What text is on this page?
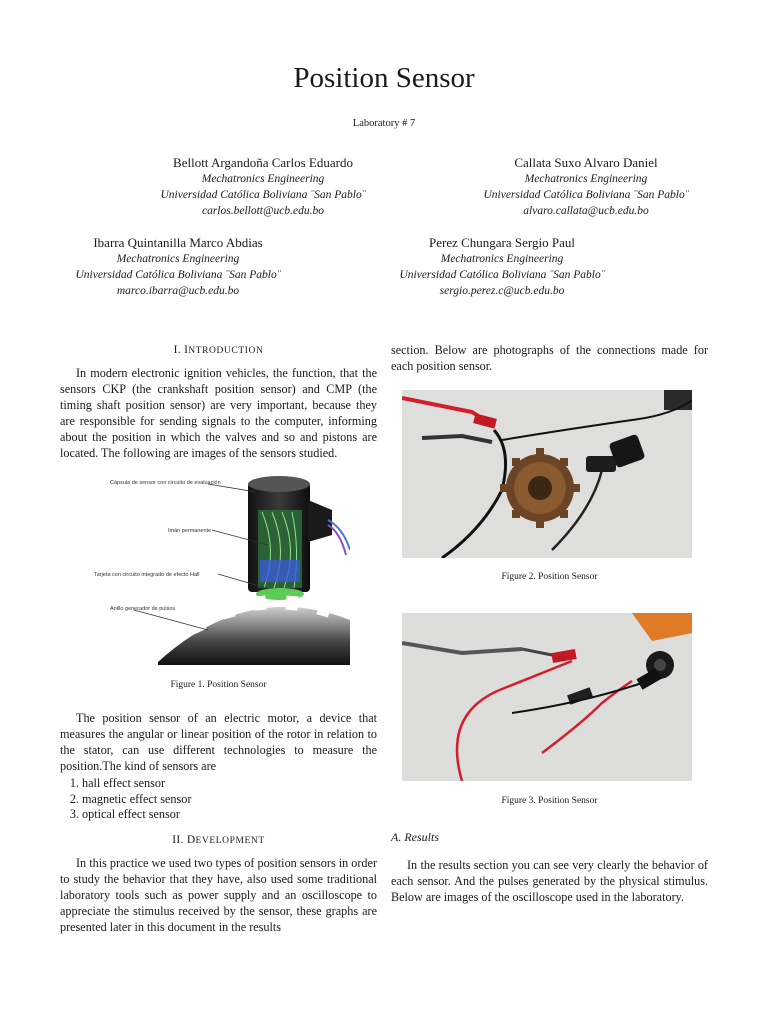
Position Sensor
Laboratory # 7
Bellott Argandoña Carlos Eduardo
Mechatronics Engineering
Universidad Católica Boliviana ¨San Pablo¨
carlos.bellott@ucb.edu.bo
Callata Suxo Alvaro Daniel
Mechatronics Engineering
Universidad Católica Boliviana ¨San Pablo¨
alvaro.callata@ucb.edu.bo
Ibarra Quintanilla Marco Abdias
Mechatronics Engineering
Universidad Católica Boliviana ¨San Pablo¨
marco.ibarra@ucb.edu.bo
Perez Chungara Sergio Paul
Mechatronics Engineering
Universidad Católica Boliviana ¨San Pablo¨
sergio.perez.c@ucb.edu.bo
I. INTRODUCTION

In modern electronic ignition vehicles, the function, that the sensors CKP (the crankshaft position sensor) and CMP (the timing shaft position sensor) are very important, because they are responsible for sending signals to the computer, informing about the position in which the valves and so and pistons are located. The following are images of the sensors studied.

Cápsula de sensor con circuito de evaluación
Imán permanente
Tarjeta con circuito integrado de efecto Hall
Anillo generador de pulsos
Figure 1. Position Sensor

The position sensor of an electric motor, a device that measures the angular or linear position of the rotor in relation to the stator, can use different technologies to measure the position.The kind of sensors are

1. hall effect sensor
2. magnetic effect sensor
3. optical effect sensor
II. DEVELOPMENT

In this practice we used two types of position sensors in order to study the behavior that they have, also used some traditional laboratory tools such as power supply and an oscilloscope to appreciate the stimulus received by the sensor, these graphs are presented later in this document in the results

section. Below are photographs of the connections made for each position sensor.

Figure 2. Position Sensor
Figure 3. Position Sensor
A. Results

In the results section you can see very clearly the behavior of each sensor. And the pulses generated by the physical stimulus. Below are images of the oscilloscope used in the laboratory.
